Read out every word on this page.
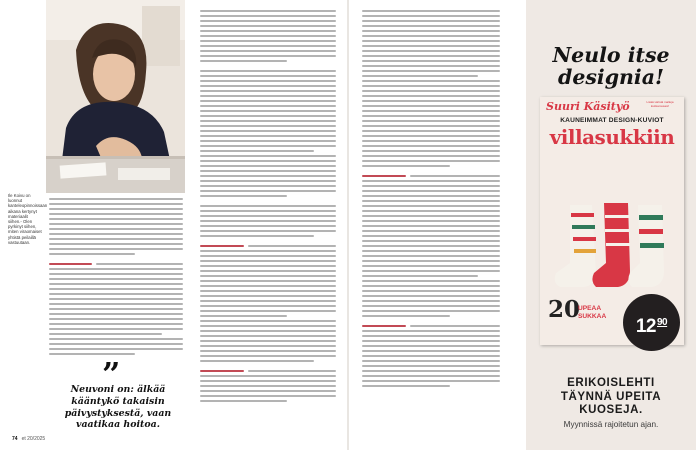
Ile Koivu on luonnut kanteleopinnoissaan aikana kertynyt materiaalit siihen.- Olen pyrkinyt siihen, miten viraomaiset yhtistä peilaillä vastuutaan.
”
Neuvoni on: älkää kääntykö takaisin päivystyksestä, vaan vaatikaa hoitoa.
74 et 20/2025
Neulo itse
designia!
Suuri Käsityö	Lisää värisiä malleja kukkarossasi!
KAUNEIMMAT DESIGN-KUVIOT
villasukkiin
20
UPEAA
SUKKAA	$12^{90}$
ERIKOISLEHTI
TÄYNNÄ UPEITA
KUOSEJA.
Myynnissä rajoitetun ajan.
